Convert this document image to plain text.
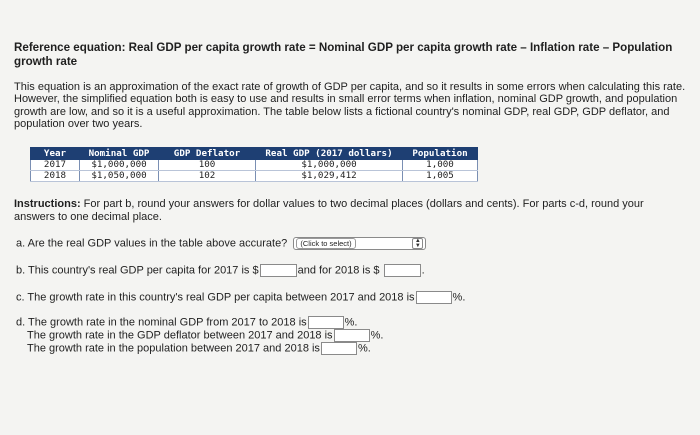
Reference equation: Real GDP per capita growth rate = Nominal GDP per capita growth rate – Inflation rate – Population growth rate
This equation is an approximation of the exact rate of growth of GDP per capita, and so it results in some errors when calculating this rate. However, the simplified equation both is easy to use and results in small error terms when inflation, nominal GDP growth, and population growth are low, and so it is a useful approximation. The table below lists a fictional country's nominal GDP, real GDP, GDP deflator, and population over two years.
Year	Nominal GDP	GDP Deflator	Real GDP (2017 dollars)	Population
2017	$1,000,000	100	$1,000,000	1,000
2018	$1,050,000	102	$1,029,412	1,005
Instructions: For part b, round your answers for dollar values to two decimal places (dollars and cents). For parts c-d, round your answers to one decimal place.
a. Are the real GDP values in the table above accurate?	(Click to select)	▲
▼
b. This country's real GDP per capita for 2017 is $	and for 2018 is $	.
c. The growth rate in this country's real GDP per capita between 2017 and 2018 is	%.
d. The growth rate in the nominal GDP from 2017 to 2018 is	%.
The growth rate in the GDP deflator between 2017 and 2018 is	%.
The growth rate in the population between 2017 and 2018 is	%.
